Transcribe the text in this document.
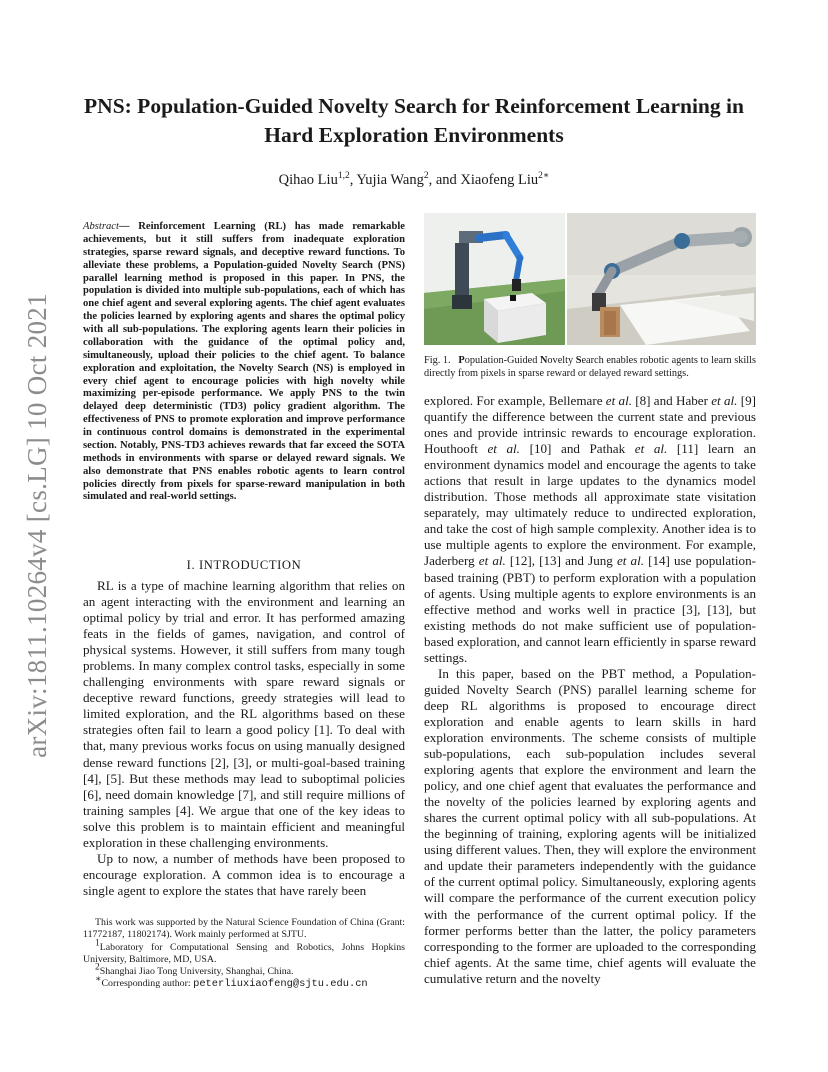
arXiv:1811.10264v4 [cs.LG] 10 Oct 2021
PNS: Population-Guided Novelty Search for Reinforcement Learning in Hard Exploration Environments
Qihao Liu$^{1,2}$, Yujia Wang$^2$, and Xiaofeng Liu$^{2∗}$
Abstract— Reinforcement Learning (RL) has made remarkable achievements, but it still suffers from inadequate exploration strategies, sparse reward signals, and deceptive reward functions. To alleviate these problems, a Population-guided Novelty Search (PNS) parallel learning method is proposed in this paper. In PNS, the population is divided into multiple sub-populations, each of which has one chief agent and several exploring agents. The chief agent evaluates the policies learned by exploring agents and shares the optimal policy with all sub-populations. The exploring agents learn their policies in collaboration with the guidance of the optimal policy and, simultaneously, upload their policies to the chief agent. To balance exploration and exploitation, the Novelty Search (NS) is employed in every chief agent to encourage policies with high novelty while maximizing per-episode performance. We apply PNS to the twin delayed deep deterministic (TD3) policy gradient algorithm. The effectiveness of PNS to promote exploration and improve performance in continuous control domains is demonstrated in the experimental section. Notably, PNS-TD3 achieves rewards that far exceed the SOTA methods in environments with sparse or delayed reward signals. We also demonstrate that PNS enables robotic agents to learn control policies directly from pixels for sparse-reward manipulation in both simulated and real-world settings.
I. INTRODUCTION

RL is a type of machine learning algorithm that relies on an agent interacting with the environment and learning an optimal policy by trial and error. It has performed amazing feats in the fields of games, navigation, and control of physical systems. However, it still suffers from many tough problems. In many complex control tasks, especially in some challenging environments with spare reward signals or deceptive reward functions, greedy strategies will lead to limited exploration, and the RL algorithms based on these strategies often fail to learn a good policy [1]. To deal with that, many previous works focus on using manually designed dense reward functions [2], [3], or multi-goal-based training [4], [5]. But these methods may lead to suboptimal policies [6], need domain knowledge [7], and still require millions of training samples [4]. We argue that one of the key ideas to solve this problem is to maintain efficient and meaningful exploration in these challenging environments.

Up to now, a number of methods have been proposed to encourage exploration. A common idea is to encourage a single agent to explore the states that have rarely been

This work was supported by the Natural Science Foundation of China (Grant: 11772187, 11802174). Work mainly performed at SJTU.

$^1$Laboratory for Computational Sensing and Robotics, Johns Hopkins University, Baltimore, MD, USA.

$^2$Shanghai Jiao Tong University, Shanghai, China.

∗Corresponding author: peterliuxiaofeng@sjtu.edu.cn

Fig. 1. Population-Guided Novelty Search enables robotic agents to learn skills directly from pixels in sparse reward or delayed reward settings.

explored. For example, Bellemare et al. [8] and Haber et al. [9] quantify the difference between the current state and previous ones and provide intrinsic rewards to encourage exploration. Houthooft et al. [10] and Pathak et al. [11] learn an environment dynamics model and encourage the agents to take actions that result in large updates to the dynamics model distribution. Those methods all approximate state visitation separately, may ultimately reduce to undirected exploration, and take the cost of high sample complexity. Another idea is to use multiple agents to explore the environment. For example, Jaderberg et al. [12], [13] and Jung et al. [14] use population-based training (PBT) to perform exploration with a population of agents. Using multiple agents to explore environments is an effective method and works well in practice [3], [13], but existing methods do not make sufficient use of population-based exploration, and cannot learn efficiently in sparse reward settings.

In this paper, based on the PBT method, a Population-guided Novelty Search (PNS) parallel learning scheme for deep RL algorithms is proposed to encourage direct exploration and enable agents to learn skills in hard exploration environments. The scheme consists of multiple sub-populations, each sub-population includes several exploring agents that explore the environment and learn the policy, and one chief agent that evaluates the performance and the novelty of the policies learned by exploring agents and shares the current optimal policy with all sub-populations. At the beginning of training, exploring agents will be initialized using different values. Then, they will explore the environment and update their parameters independently with the guidance of the current optimal policy. Simultaneously, exploring agents will compare the performance of the current execution policy with the performance of the current optimal policy. If the former performs better than the latter, the policy parameters corresponding to the former are uploaded to the corresponding chief agents. At the same time, chief agents will evaluate the cumulative return and the novelty
